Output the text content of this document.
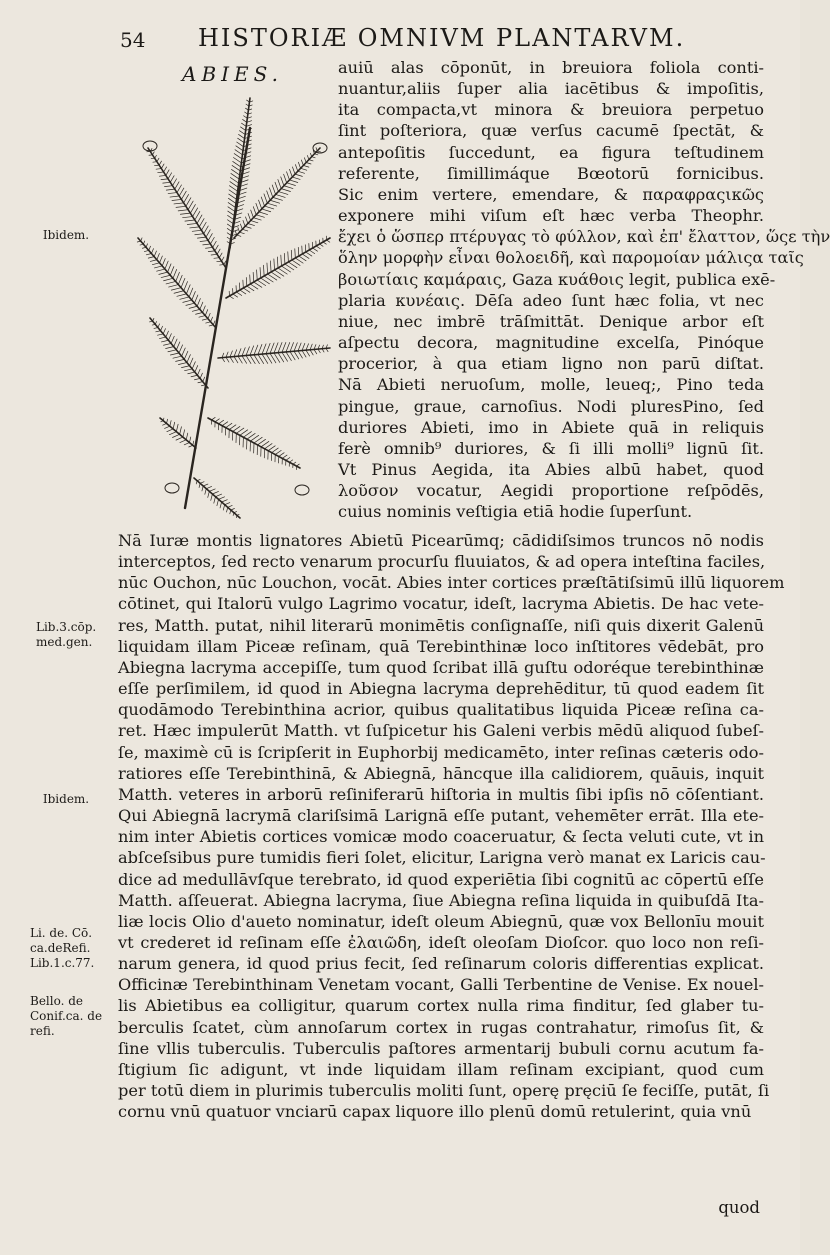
54 HISTORIÆ OMNIVM PLANTARVM.
ABIES.
Ibidem.
Lib.3.cōp. med.gen.
Ibidem.
Li. de. Cō. ca.deRefi. Lib.1.c.77.
Bello. de Conif.ca. de refi.
auiū alas cōponūt, in breuiora foliola conti-
nuantur,aliis ſuper alia iacētibus & impoſitis,
ita compacta,vt minora & breuiora perpetuo
ſint poſteriora, quæ verſus cacumē ſpectāt, &
antepoſitis ſuccedunt, ea figura teſtudinem
referente, ſimillimáque Bœotorū fornicibus.
Sic enim vertere, emendare, & παραφραςικῶς
exponere mihi viſum eſt hæc verba Theophr.
ἔχει ὁ ὥσπερ πτέρυγας τὸ φύλλον, καὶ ἐπ' ἔλαττον, ὥςε τὴν
ὅλην μορφὴν εἶναι θολοειδῆ, καὶ παρομοίαν μάλιςα ταῖς
βοιωτίαις καμάραις, Gaza κυάθοις legit, publica exē-
plaria κυνέαις. Dēſa adeo ſunt hæc folia, vt nec
niue, nec imbrē trāſmittāt. Denique arbor eſt
aſpectu decora, magnitudine excelſa, Pinóque
procerior, à qua etiam ligno non parū diſtat.
Nā Abieti neruoſum, molle, leueq;, Pino teda
pingue, graue, carnoſius. Nodi pluresPino, ſed
duriores Abieti, imo in Abiete quā in reliquis
ferè omnib⁹ duriores, & ſi illi molli⁹ lignū ſit.
Vt Pinus Aegida, ita Abies albū habet, quod
λοῦσον vocatur, Aegidi proportione reſpōdēs,
cuius nominis veſtigia etiā hodie ſuperſunt.
Nā Iuræ montis lignatores Abietū Picearūmq; cādidiſsimos truncos nō nodis
interceptos, ſed recto venarum procurſu fluuiatos, & ad opera inteſtina faciles,
nūc Ouchon, nūc Louchon, vocāt. Abies inter cortices præſtātiſsimū illū liquorem
cōtinet, qui Italorū vulgo Lagrimo vocatur, ideſt, lacryma Abietis. De hac vete-
res, Matth. putat, nihil literarū monimētis conſignaſſe, niſi quis dixerit Galenū
liquidam illam Piceæ reſinam, quā Terebinthinæ loco inſtitores vēdebāt, pro
Abiegna lacryma accepiſſe, tum quod ſcribat illā guſtu odoréque terebinthinæ
eſſe perſimilem, id quod in Abiegna lacryma deprehēditur, tū quod eadem ſit
quodāmodo Terebinthina acrior, quibus qualitatibus liquida Piceæ reſina ca-
ret. Hæc impulerūt Matth. vt ſuſpicetur his Galeni verbis mēdū aliquod ſubeſ-
ſe, maximè cū is ſcripſerit in Euphorbij medicamēto, inter reſinas cæteris odo-
ratiores eſſe Terebinthinā, & Abiegnā, hāncque illa calidiorem, quāuis, inquit
Matth. veteres in arborū reſiniferarū hiſtoria in multis ſibi ipſis nō cōſentiant.
Qui Abiegnā lacrymā clariſsimā Larignā eſſe putant, vehemēter errāt. Illa ete-
nim inter Abietis cortices vomicæ modo coaceruatur, & ſecta veluti cute, vt in
abſceſsibus pure tumidis fieri ſolet, elicitur, Larigna verò manat ex Laricis cau-
dice ad medullāvſque terebrato, id quod experiētia ſibi cognitū ac cōpertū eſſe
Matth. aſſeuerat. Abiegna lacryma, ſiue Abiegna reſina liquida in quibuſdā Ita-
liæ locis Olio d'aueto nominatur, ideſt oleum Abiegnū, quæ vox Bellonīu mouit
vt crederet id reſinam eſſe ἐλαιῶδη, ideſt oleoſam Dioſcor. quo loco non reſi-
narum genera, id quod prius fecit, ſed reſinarum coloris differentias explicat.
Officinæ Terebinthinam Venetam vocant, Galli Terbentine de Venise. Ex nouel-
lis Abietibus ea colligitur, quarum cortex nulla rima finditur, ſed glaber tu-
berculis ſcatet, cùm annoſarum cortex in rugas contrahatur, rimoſus ſit, &
ſine vllis tuberculis. Tuberculis paſtores armentarij bubuli cornu acutum fa-
ſtigium ſic adigunt, vt inde liquidam illam reſinam excipiant, quod cum
per totū diem in plurimis tuberculis moliti ſunt, operę pręciū ſe feciſſe, putāt, ſi
cornu vnū quatuor vnciarū capax liquore illo plenū domū retulerint, quia vnū
quod
